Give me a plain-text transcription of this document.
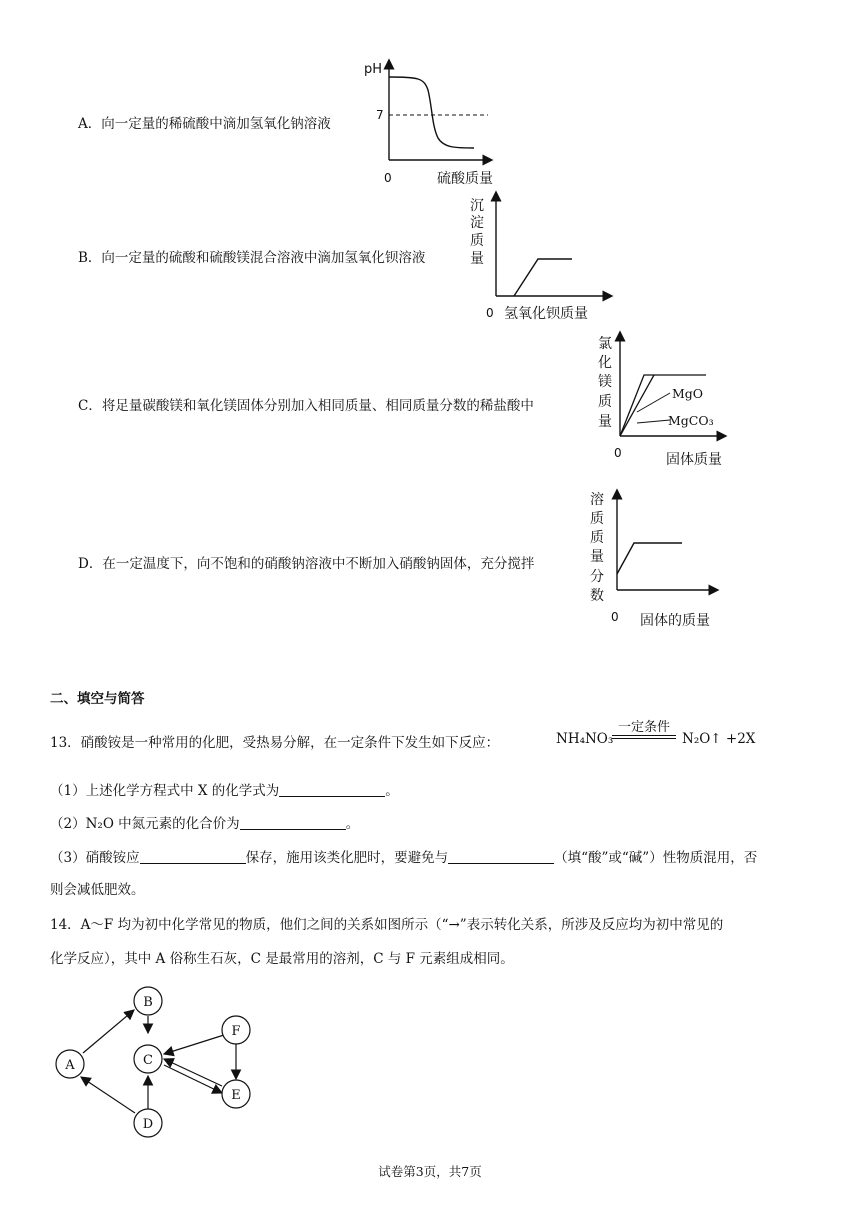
A．向一定量的稀硫酸中滴加氢氧化钠溶液
pH
7
0	硫酸质量
B．向一定量的硫酸和硫酸镁混合溶液中滴加氢氧化钡溶液
沉
淀
质
量
0 氢氧化钡质量
C．将足量碳酸镁和氧化镁固体分别加入相同质量、相同质量分数的稀盐酸中
MgO
MgCO₃
氯
化
镁
质
量
0	固体质量
D．在一定温度下，向不饱和的硝酸钠溶液中不断加入硝酸钠固体，充分搅拌
溶
质
质
量
分
数
0 固体的质量
二、填空与简答
13．硝酸铵是一种常用的化肥，受热易分解，在一定条件下发生如下反应：	NH₄NO₃
一定条件
N₂O↑ +2X
（1）上述化学方程式中 X 的化学式为	。
（2）N₂O 中氮元素的化合价为	。
（3）硝酸铵应	保存，施用该类化肥时，要避免与	（填“酸”或“碱”）性物质混用，否
则会减低肥效。
14．A～F 均为初中化学常见的物质，他们之间的关系如图所示（“→”表示转化关系，所涉及反应均为初中常见的
化学反应），其中 A 俗称生石灰，C 是最常用的溶剂，C 与 F 元素组成相同。
A
B
C
D
E
F
试卷第3页，共7页
